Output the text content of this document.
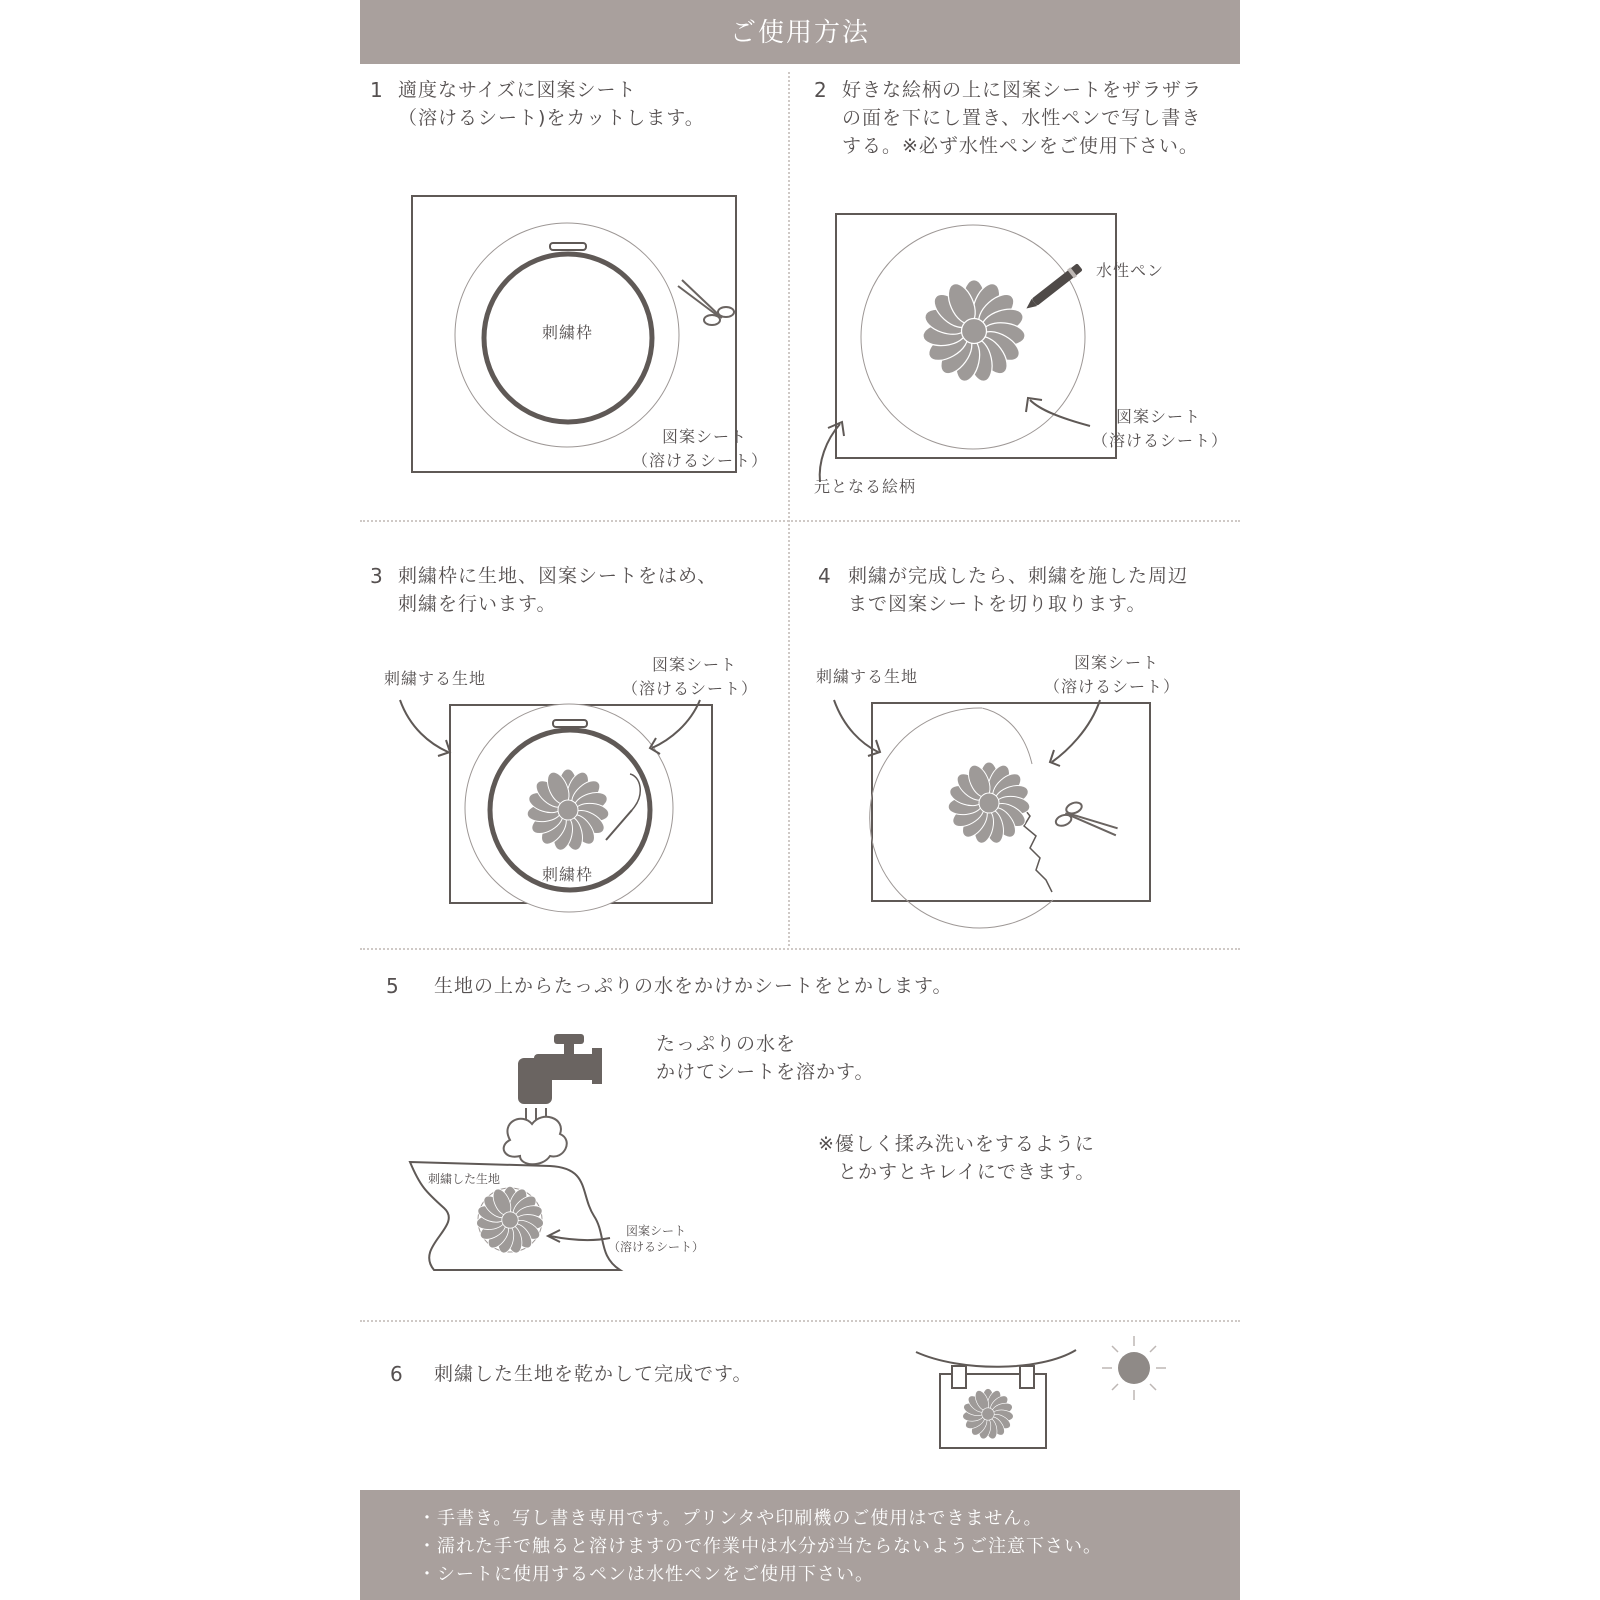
ご使用方法
1 適度なサイズに図案シート
（溶けるシート)をカットします。
2 好きな絵柄の上に図案シートをザラザラ
の面を下にし置き、水性ペンで写し書き
する。※必ず水性ペンをご使用下さい。
3 刺繍枠に生地、図案シートをはめ、
刺繍を行います。
4 刺繍が完成したら、刺繍を施した周辺
まで図案シートを切り取ります。
5 生地の上からたっぷりの水をかけかシートをとかします。
6 刺繍した生地を乾かして完成です。
刺繍枠
図案シート
（溶けるシート）
水性ペン
図案シート
（溶けるシート）
元となる絵柄
刺繍する生地
図案シート
（溶けるシート）
刺繍枠
刺繍する生地
図案シート
（溶けるシート）
たっぷりの水を
かけてシートを溶かす。
※優しく揉み洗いをするように
とかすとキレイにできます。
刺繍した生地
図案シート
（溶けるシート）
・手書き。写し書き専用です。プリンタや印刷機のご使用はできません。
・濡れた手で触ると溶けますので作業中は水分が当たらないようご注意下さい。
・シートに使用するペンは水性ペンをご使用下さい。
